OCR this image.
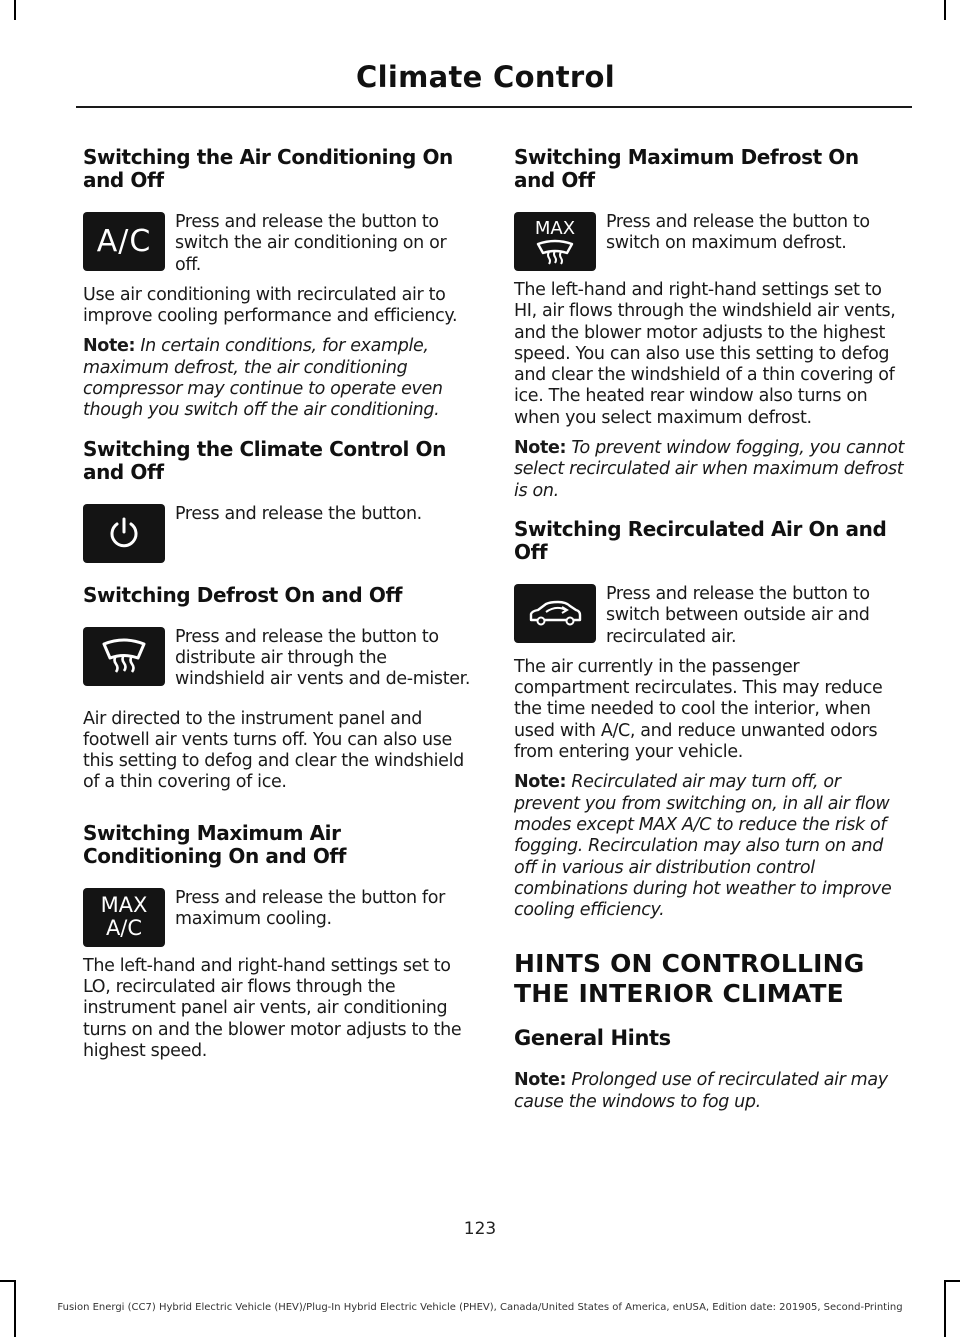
Climate Control
Switching the Air Conditioning On and Off
A/C

Press and release the button to switch the air conditioning on or off.

Use air conditioning with recirculated air to improve cooling performance and efficiency.

Note: In certain conditions, for example, maximum defrost, the air conditioning compressor may continue to operate even though you switch off the air conditioning.

Switching the Climate Control On and Off

Press and release the button.

Switching Defrost On and Off

Press and release the button to distribute air through the windshield air vents and de-mister.

Air directed to the instrument panel and footwell air vents turns off. You can also use this setting to defog and clear the windshield of a thin covering of ice.

Switching Maximum Air Conditioning On and Off
MAX
A/C

Press and release the button for maximum cooling.

The left-hand and right-hand settings set to LO, recirculated air flows through the instrument panel air vents, air conditioning turns on and the blower motor adjusts to the highest speed.

Switching Maximum Defrost On and Off
MAX	Press and release the button to switch on maximum defrost.

The left-hand and right-hand settings set to HI, air flows through the windshield air vents, and the blower motor adjusts to the highest speed. You can also use this setting to defog and clear the windshield of a thin covering of ice. The heated rear window also turns on when you select maximum defrost.

Note: To prevent window fogging, you cannot select recirculated air when maximum defrost is on.

Switching Recirculated Air On and Off

Press and release the button to switch between outside air and recirculated air.

The air currently in the passenger compartment recirculates. This may reduce the time needed to cool the interior, when used with A/C, and reduce unwanted odors from entering your vehicle.

Note: Recirculated air may turn off, or prevent you from switching on, in all air flow modes except MAX A/C to reduce the risk of fogging. Recirculation may also turn on and off in various air distribution control combinations during hot weather to improve cooling efficiency.

HINTS ON CONTROLLING THE INTERIOR CLIMATE
General Hints

Note: Prolonged use of recirculated air may cause the windows to fog up.

123
Fusion Energi (CC7) Hybrid Electric Vehicle (HEV)/Plug-In Hybrid Electric Vehicle (PHEV), Canada/United States of America, enUSA, Edition date: 201905, Second-Printing
